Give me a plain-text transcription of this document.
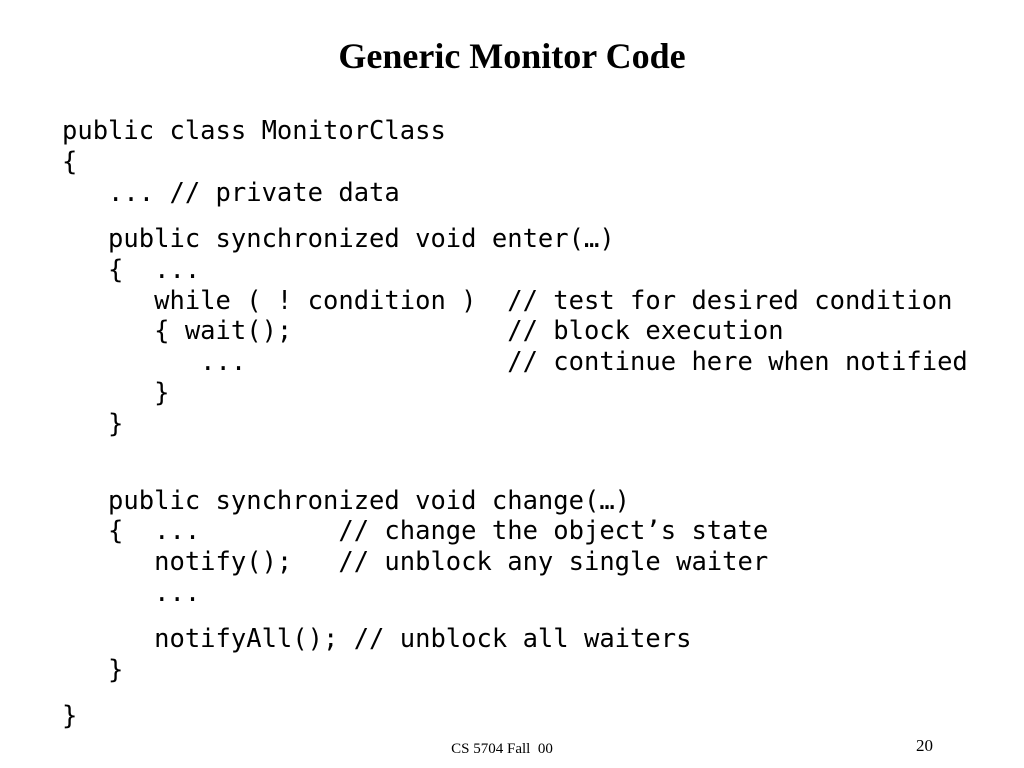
Generic Monitor Code
public class MonitorClass
{
... // private data
public synchronized void enter(…)
{  ...
while ( ! condition )  // test for desired condition
{ wait();              // block execution
...                 // continue here when notified
}
}
public synchronized void change(…)
{  ...         // change the object’s state
notify();   // unblock any single waiter
...
notifyAll(); // unblock all waiters
}
}
CS 5704 Fall  00	20
